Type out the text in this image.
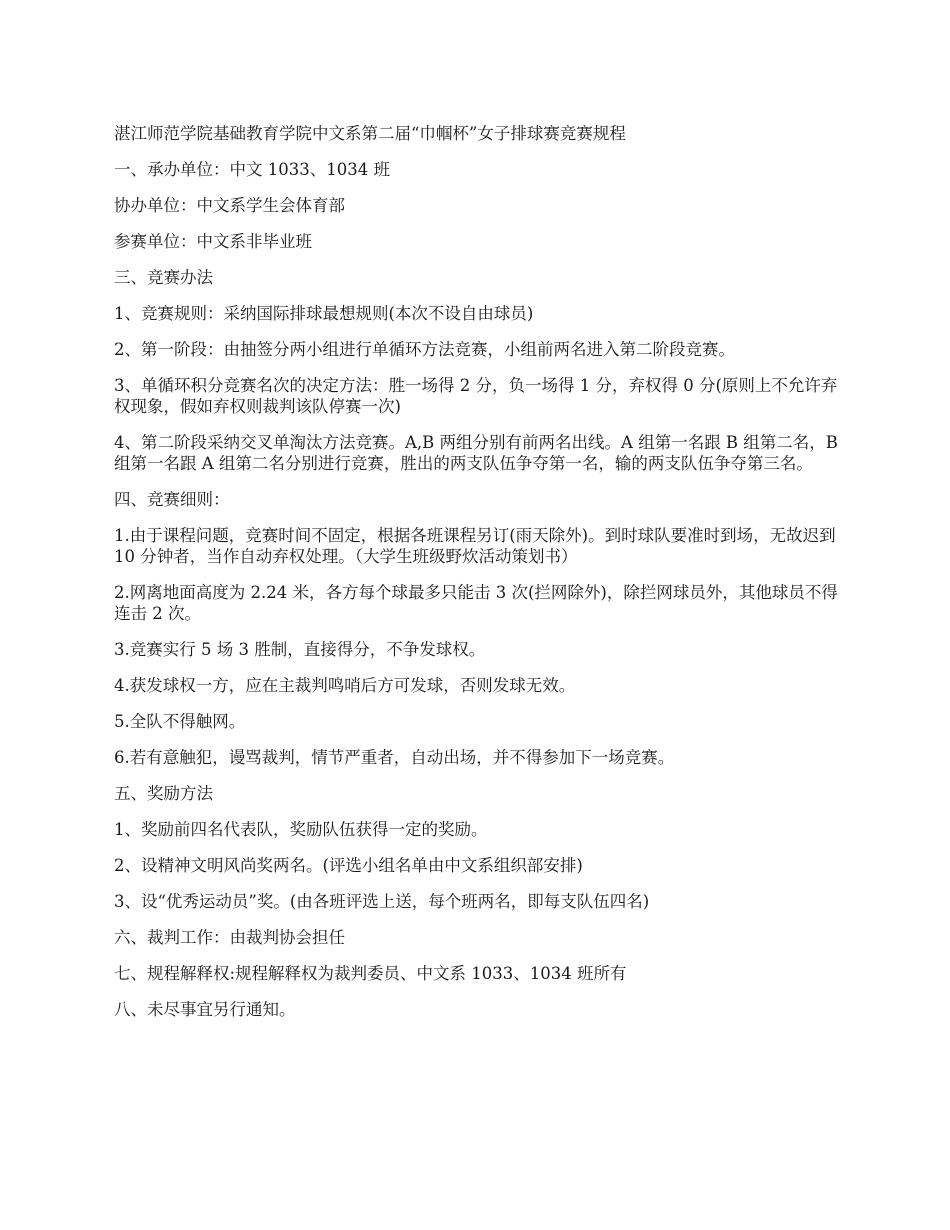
湛江师范学院基础教育学院中文系第二届“巾帼杯”女子排球赛竞赛规程

一、承办单位：中文 1033、1034 班

协办单位：中文系学生会体育部

参赛单位：中文系非毕业班

三、竞赛办法

1、竞赛规则：采纳国际排球最想规则(本次不设自由球员)

2、第一阶段：由抽签分两小组进行单循环方法竞赛，小组前两名进入第二阶段竞赛。

3、单循环积分竞赛名次的决定方法：胜一场得 2 分，负一场得 1 分，弃权得 0 分(原则上不允许弃权现象，假如弃权则裁判该队停赛一次)

4、第二阶段采纳交叉单淘汰方法竞赛。A,B 两组分别有前两名出线。A 组第一名跟 B 组第二名，B 组第一名跟 A 组第二名分别进行竞赛，胜出的两支队伍争夺第一名，输的两支队伍争夺第三名。

四、竞赛细则：

1.由于课程问题，竞赛时间不固定，根据各班课程另订(雨天除外)。到时球队要准时到场，无故迟到 10 分钟者，当作自动弃权处理。（大学生班级野炊活动策划书）

2.网离地面高度为 2.24 米，各方每个球最多只能击 3 次(拦网除外)，除拦网球员外，其他球员不得连击 2 次。

3.竞赛实行 5 场 3 胜制，直接得分，不争发球权。

4.获发球权一方，应在主裁判鸣哨后方可发球，否则发球无效。

5.全队不得触网。

6.若有意触犯，谩骂裁判，情节严重者，自动出场，并不得参加下一场竞赛。

五、奖励方法

1、奖励前四名代表队，奖励队伍获得一定的奖励。

2、设精神文明风尚奖两名。(评选小组名单由中文系组织部安排)

3、设“优秀运动员”奖。(由各班评选上送，每个班两名，即每支队伍四名)

六、裁判工作：由裁判协会担任

七、规程解释权:规程解释权为裁判委员、中文系 1033、1034 班所有

八、未尽事宜另行通知。
